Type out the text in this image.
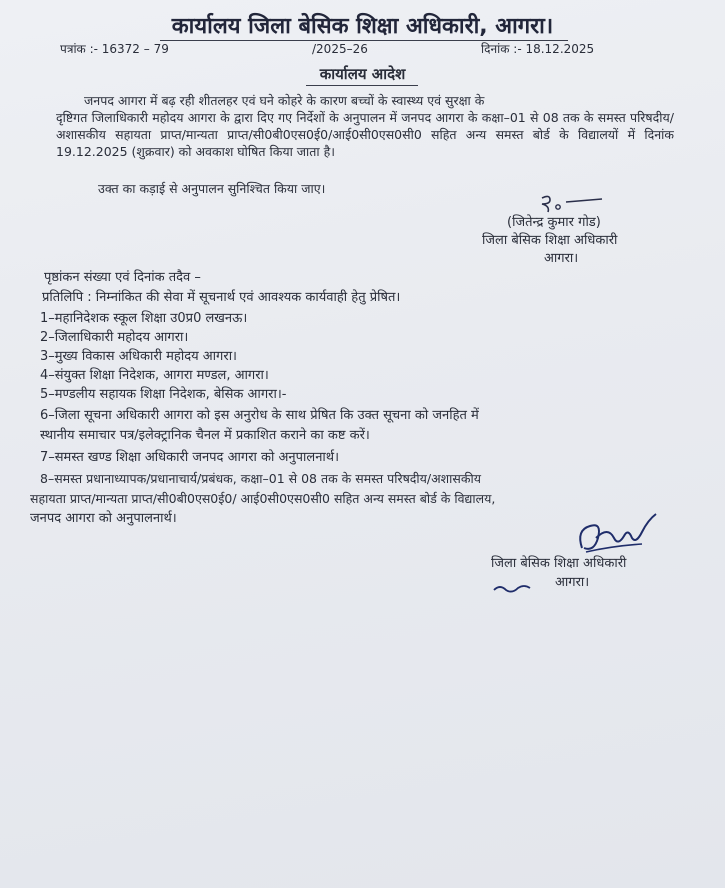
कार्यालय जिला बेसिक शिक्षा अधिकारी, आगरा।
पत्रांक :- 16372 – 79	/2025–26	दिनांक :- 18.12.2025
कार्यालय आदेश
जनपद आगरा में बढ़ रही शीतलहर एवं घने कोहरे के कारण बच्चों के स्वास्थ्य एवं सुरक्षा के
दृष्टिगत जिलाधिकारी महोदय आगरा के द्वारा दिए गए निर्देशों के अनुपालन में जनपद आगरा के कक्षा–01 से 08 तक के समस्त परिषदीय/अशासकीय सहायता प्राप्त/मान्यता प्राप्त/सी0बी0एस0ई0/आई0सी0एस0सी0 सहित अन्य समस्त बोर्ड के विद्यालयों में दिनांक 19.12.2025 (शुक्रवार) को अवकाश घोषित किया जाता है।
उक्त का कड़ाई से अनुपालन सुनिश्चित किया जाए।
(जितेन्द्र कुमार गोड)
जिला बेसिक शिक्षा अधिकारी
आगरा।
पृष्ठांकन संख्या एवं दिनांक तदैव –
प्रतिलिपि : निम्नांकित की सेवा में सूचनार्थ एवं आवश्यक कार्यवाही हेतु प्रेषित।
1–महानिदेशक स्कूल शिक्षा उ0प्र0 लखनऊ।
2–जिलाधिकारी महोदय आगरा।
3–मुख्य विकास अधिकारी महोदय आगरा।
4–संयुक्त शिक्षा निदेशक, आगरा मण्डल, आगरा।
5–मण्डलीय सहायक शिक्षा निदेशक, बेसिक आगरा।-
6–जिला सूचना अधिकारी आगरा को इस अनुरोध के साथ प्रेषित कि उक्त सूचना को जनहित में
स्थानीय समाचार पत्र/इलेक्ट्रानिक चैनल में प्रकाशित कराने का कष्ट करें।
7–समस्त खण्ड शिक्षा अधिकारी जनपद आगरा को अनुपालनार्थ।
8–समस्त प्रधानाध्यापक/प्रधानाचार्य/प्रबंधक, कक्षा–01 से 08 तक के समस्त परिषदीय/अशासकीय
सहायता प्राप्त/मान्यता प्राप्त/सी0बी0एस0ई0/ आई0सी0एस0सी0 सहित अन्य समस्त बोर्ड के विद्यालय,
जनपद आगरा को अनुपालनार्थ।
जिला बेसिक शिक्षा अधिकारी
आगरा।
